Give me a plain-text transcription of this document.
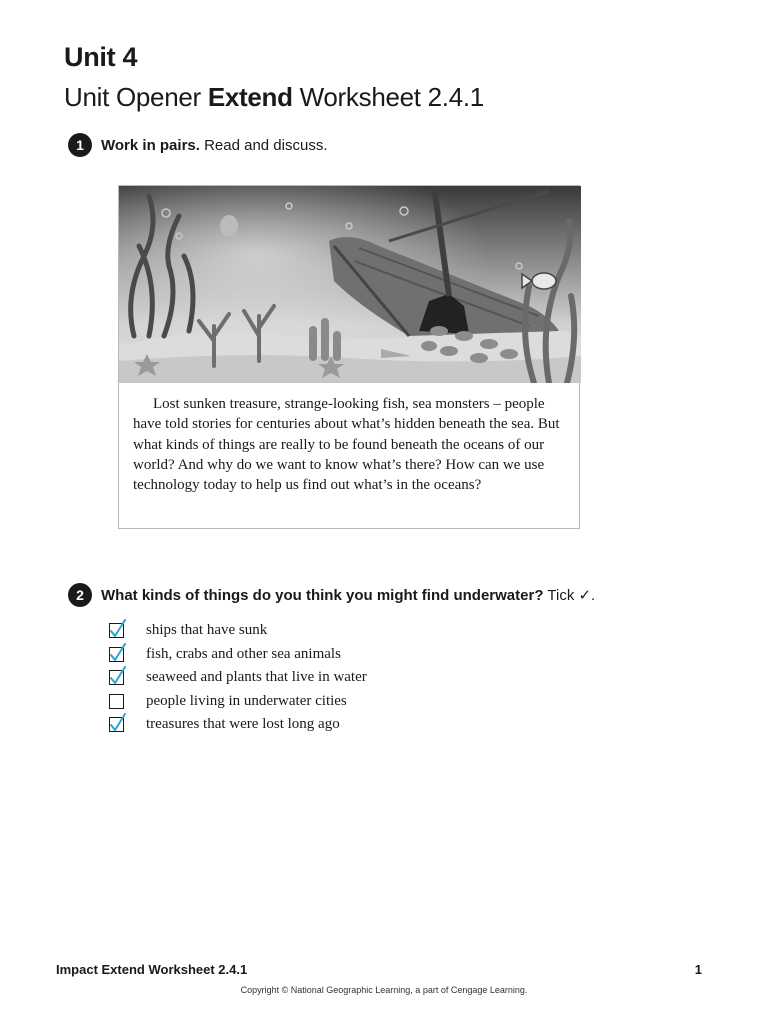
Unit 4
Unit Opener Extend Worksheet 2.4.1
1	Work in pairs. Read and discuss.

Lost sunken treasure, strange-looking fish, sea monsters – people have told stories for centuries about what’s hidden beneath the sea. But what kinds of things are really to be found beneath the oceans of our world? And why do we want to know what’s there? How can we use technology today to help us find out what’s in the oceans?

2	What kinds of things do you think you might find underwater? Tick ✓.
ships that have sunk
fish, crabs and other sea animals
seaweed and plants that live in water
people living in underwater cities
treasures that were lost long ago

Impact Extend Worksheet 2.4.1	1

Copyright © National Geographic Learning, a part of Cengage Learning.
